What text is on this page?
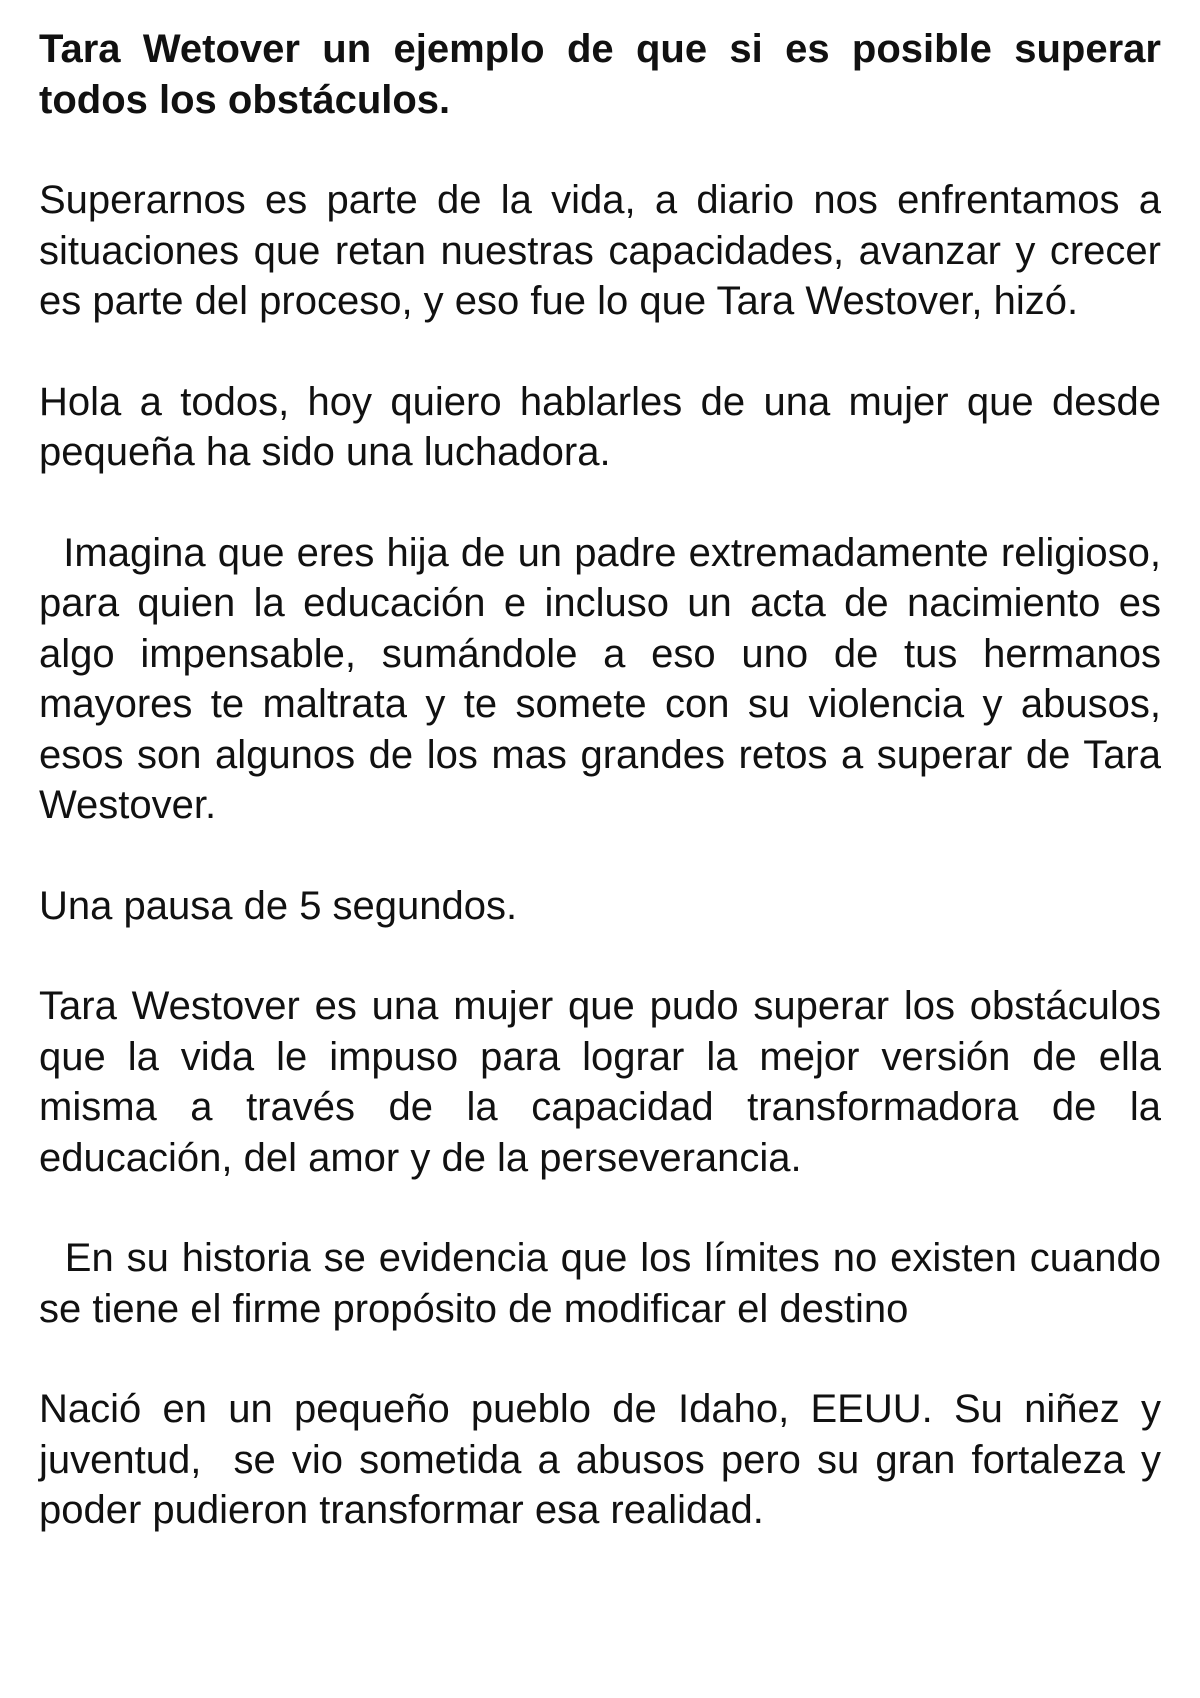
Tara Wetover un ejemplo de que si es posible superar todos los obstáculos.
Superarnos es parte de la vida, a diario nos enfrentamos a situaciones que retan nuestras capacidades, avanzar y crecer es parte del proceso, y eso fue lo que Tara Westover, hizó.
Hola a todos, hoy quiero hablarles de una mujer que desde pequeña ha sido una luchadora.
Imagina que eres hija de un padre extremadamente religioso, para quien la educación e incluso un acta de nacimiento es algo impensable, sumándole a eso uno de tus hermanos mayores te maltrata y te somete con su violencia y abusos, esos son algunos de los mas grandes retos a superar de Tara Westover.
Una pausa de 5 segundos.
Tara Westover es una mujer que pudo superar los obstáculos que la vida le impuso para lograr la mejor versión de ella misma a través de la capacidad transformadora de la educación, del amor y de la perseverancia.
En su historia se evidencia que los límites no existen cuando se tiene el firme propósito de modificar el destino
Nació en un pequeño pueblo de Idaho, EEUU. Su niñez y juventud,  se vio sometida a abusos pero su gran fortaleza y poder pudieron transformar esa realidad.
